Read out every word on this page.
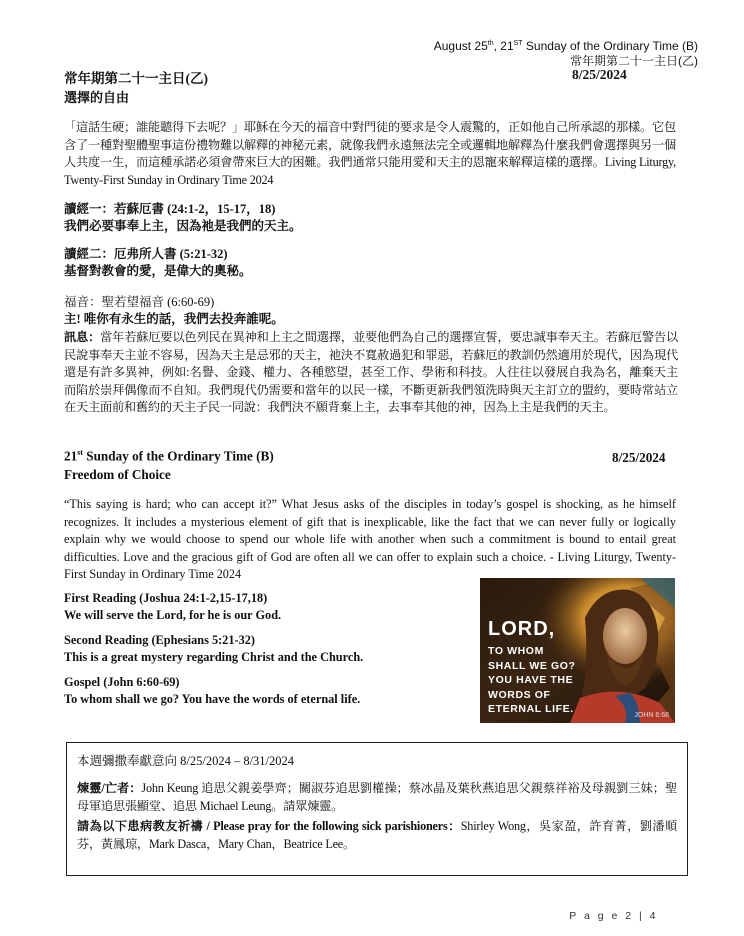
August 25th, 21ST Sunday of the Ordinary Time (B)
常年期第二十一主日(乙)
常年期第二十一主日(乙)	8/25/2024
選擇的自由
「這話生硬；誰能聽得下去呢？」耶穌在今天的福音中對門徒的要求是令人震驚的，正如他自己所承認的那樣。它包含了一種對聖體聖事這份禮物難以解釋的神秘元素，就像我們永遠無法完全或邏輯地解釋為什麼我們會選擇與另一個人共度一生，而這種承諾必須會帶來巨大的困難。我們通常只能用愛和天主的恩寵來解釋這樣的選擇。Living Liturgy, Twenty-First Sunday in Ordinary Time 2024
讀經一：若蘇厄書 (24:1-2，15-17，18)
我們必要事奉上主，因為祂是我們的天主。
讀經二：厄弗所人書 (5:21-32)
基督對教會的愛，是偉大的奧秘。
福音：聖若望福音 (6:60-69)
主! 唯你有永生的話，我們去投奔誰呢。
訊息：當年若蘇厄要以色列民在異神和上主之間選擇，並要他們為自己的選擇宣誓，要忠誠事奉天主。若蘇厄警告以民說事奉天主並不容易，因為天主是忌邪的天主，祂決不寬赦過犯和罪惡，若蘇厄的教訓仍然適用於現代，因為現代還是有許多異神，例如:名譽、金錢、權力、各種慾望，甚至工作、學術和科技。人往往以發展自我為名，離棄天主而陷於崇拜偶像而不自知。我們現代仍需要和當年的以民一樣，不斷更新我們領洗時與天主訂立的盟約，要時常站立在天主面前和舊約的天主子民一同說：我們決不願背棄上主，去事奉其他的神，因為上主是我們的天主。
21st Sunday of the Ordinary Time (B)	8/25/2024
Freedom of Choice
“This saying is hard; who can accept it?” What Jesus asks of the disciples in today’s gospel is shocking, as he himself recognizes. It includes a mysterious element of gift that is inexplicable, like the fact that we can never fully or logically explain why we would choose to spend our whole life with another when such a commitment is bound to entail great difficulties. Love and the gracious gift of God are often all we can offer to explain such a choice. - Living Liturgy, Twenty-First Sunday in Ordinary Time 2024
First Reading (Joshua 24:1-2,15-17,18)
We will serve the Lord, for he is our God.
Second Reading (Ephesians 5:21-32)
This is a great mystery regarding Christ and the Church.
Gospel (John 6:60-69)
To whom shall we go? You have the words of eternal life.
LORD,
TO WHOM
SHALL WE GO?
YOU HAVE THE
WORDS OF
ETERNAL LIFE.
JOHN 6:68
本週彌撒奉獻意向 8/25/2024 – 8/31/2024
煉靈/亡者：John Keung 追思父親姜學齊；關淑芬追思劉權操；蔡冰晶及葉秋燕追思父親蔡祥裕及母親劉三妹；聖母軍追思張顯堂、追思 Michael Leung。請眾煉靈。
請為以下患病教友祈禱 / Please pray for the following sick parishioners：Shirley Wong，吳家盈，許育菁，劉潘順芬，黃鳳琼，Mark Dasca，Mary Chan，Beatrice Lee。
P a g e 2 | 4
